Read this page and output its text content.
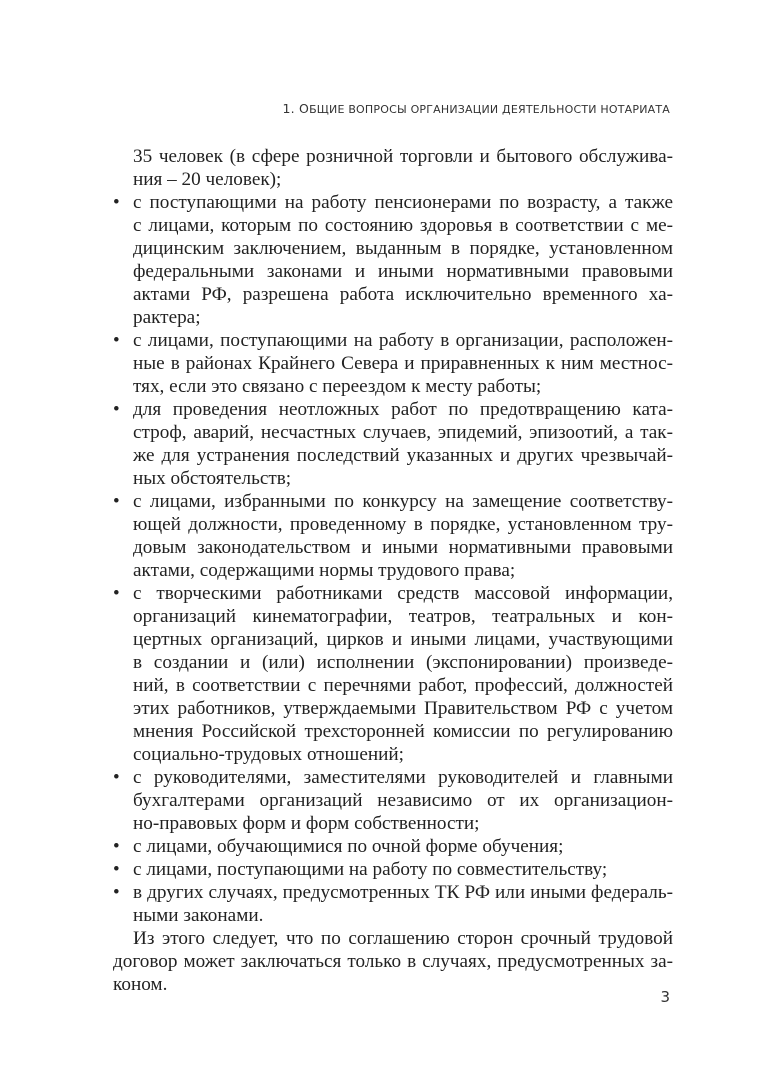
1. ОБЩИЕ ВОПРОСЫ ОРГАНИЗАЦИИ ДЕЯТЕЛЬНОСТИ НОТАРИАТА
35 человек (в сфере розничной торговли и бытового обслужива-
ния – 20 человек);
• с поступающими на работу пенсионерами по возрасту, а также
с лицами, которым по состоянию здоровья в соответствии с ме-
дицинским заключением, выданным в порядке, установленном
федеральными законами и иными нормативными правовыми
актами РФ, разрешена работа исключительно временного ха-
рактера;
• с лицами, поступающими на работу в организации, расположен-
ные в районах Крайнего Севера и приравненных к ним местнос-
тях, если это связано с переездом к месту работы;
• для проведения неотложных работ по предотвращению ката-
строф, аварий, несчастных случаев, эпидемий, эпизоотий, а так-
же для устранения последствий указанных и других чрезвычай-
ных обстоятельств;
• с лицами, избранными по конкурсу на замещение соответству-
ющей должности, проведенному в порядке, установленном тру-
довым законодательством и иными нормативными правовыми
актами, содержащими нормы трудового права;
• с творческими работниками средств массовой информации,
организаций кинематографии, театров, театральных и кон-
цертных организаций, цирков и иными лицами, участвующими
в создании и (или) исполнении (экспонировании) произведе-
ний, в соответствии с перечнями работ, профессий, должностей
этих работников, утверждаемыми Правительством РФ с учетом
мнения Российской трехсторонней комиссии по регулированию
социально-трудовых отношений;
• с руководителями, заместителями руководителей и главными
бухгалтерами организаций независимо от их организацион-
но-правовых форм и форм собственности;
• с лицами, обучающимися по очной форме обучения;
• с лицами, поступающими на работу по совместительству;
• в других случаях, предусмотренных ТК РФ или иными федераль-
ными законами.
Из этого следует, что по соглашению сторон срочный трудовой
договор может заключаться только в случаях, предусмотренных за-
коном.
3
